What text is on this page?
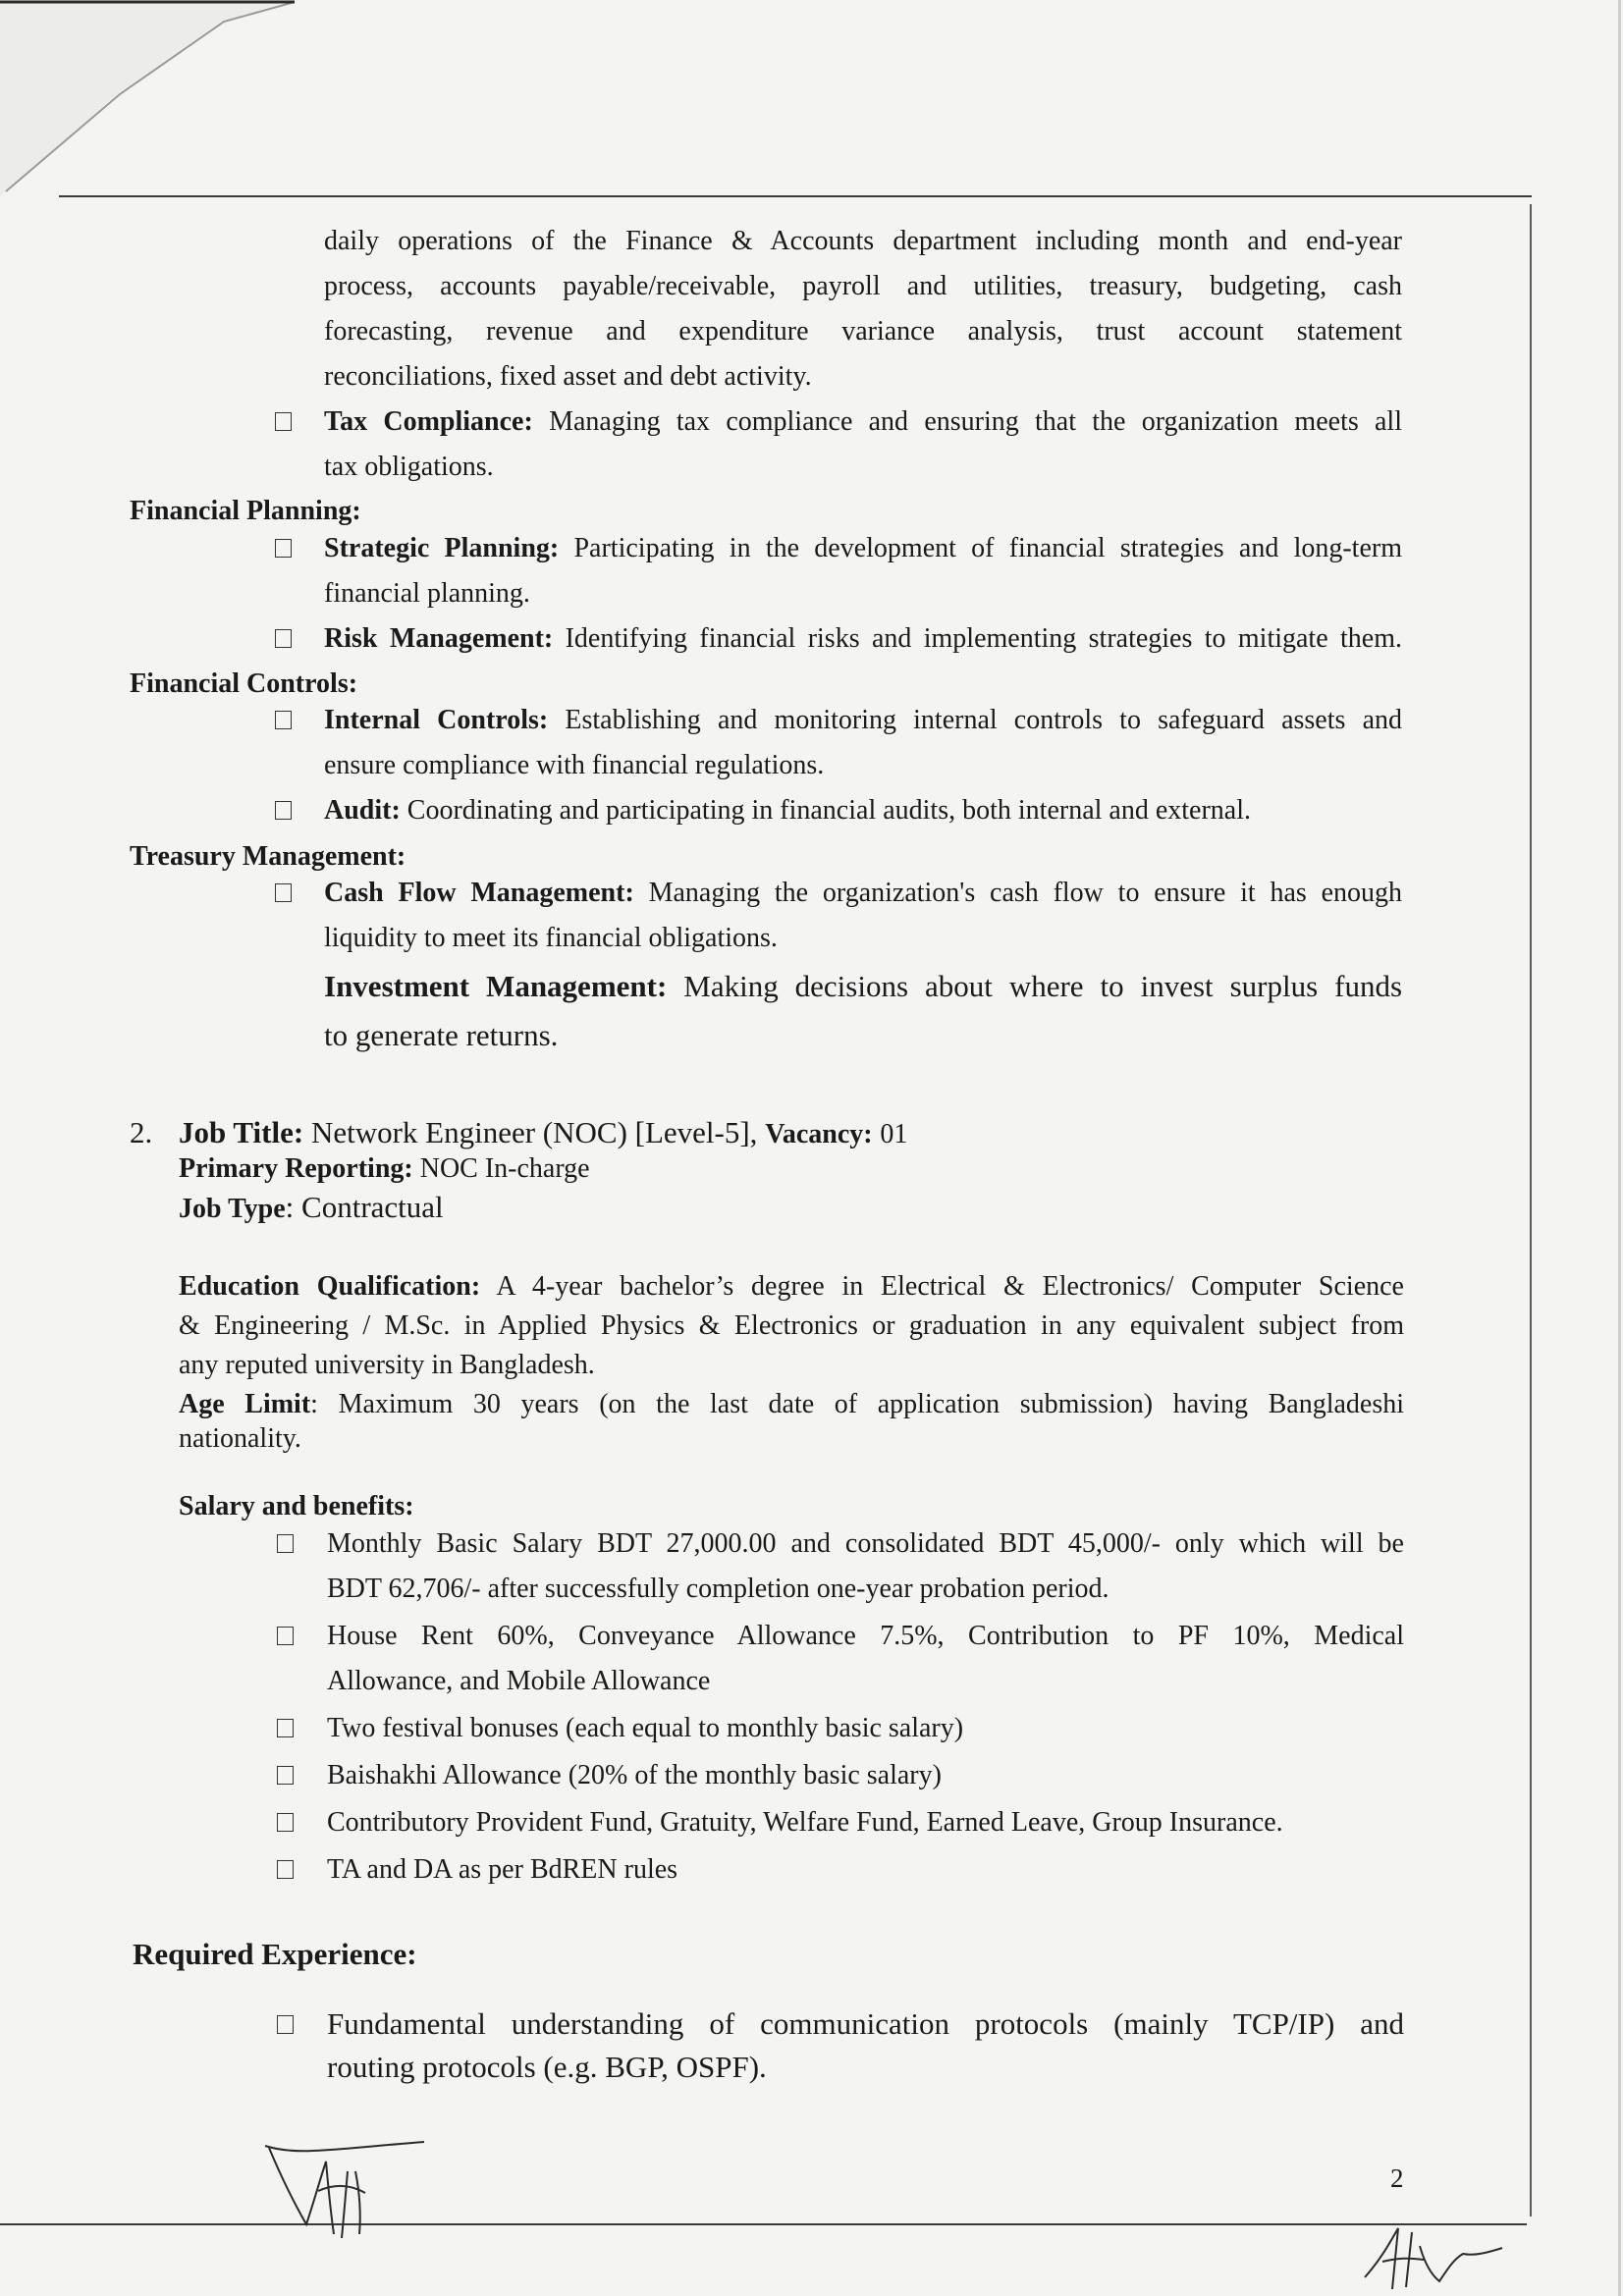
daily operations of the Finance & Accounts department including month and end-year
process, accounts payable/receivable, payroll and utilities, treasury, budgeting, cash
forecasting, revenue and expenditure variance analysis, trust account statement
reconciliations, fixed asset and debt activity.
Tax Compliance: Managing tax compliance and ensuring that the organization meets all
tax obligations.
Financial Planning:
Strategic Planning: Participating in the development of financial strategies and long-term
financial planning.
Risk Management: Identifying financial risks and implementing strategies to mitigate them.
Financial Controls:
Internal Controls: Establishing and monitoring internal controls to safeguard assets and
ensure compliance with financial regulations.
Audit: Coordinating and participating in financial audits, both internal and external.
Treasury Management:
Cash Flow Management: Managing the organization's cash flow to ensure it has enough
liquidity to meet its financial obligations.
Investment Management: Making decisions about where to invest surplus funds
to generate returns.
2. Job Title: Network Engineer (NOC) [Level-5], Vacancy: 01
Primary Reporting: NOC In-charge
Job Type: Contractual
Education Qualification: A 4-year bachelor’s degree in Electrical & Electronics/ Computer Science
& Engineering / M.Sc. in Applied Physics & Electronics or graduation in any equivalent subject from
any reputed university in Bangladesh.
Age Limit: Maximum 30 years (on the last date of application submission) having Bangladeshi
nationality.
Salary and benefits:
Monthly Basic Salary BDT 27,000.00 and consolidated BDT 45,000/- only which will be
BDT 62,706/- after successfully completion one-year probation period.
House Rent 60%, Conveyance Allowance 7.5%, Contribution to PF 10%, Medical
Allowance, and Mobile Allowance
Two festival bonuses (each equal to monthly basic salary)
Baishakhi Allowance (20% of the monthly basic salary)
Contributory Provident Fund, Gratuity, Welfare Fund, Earned Leave, Group Insurance.
TA and DA as per BdREN rules
Required Experience:
Fundamental understanding of communication protocols (mainly TCP/IP) and
routing protocols (e.g. BGP, OSPF).
2
